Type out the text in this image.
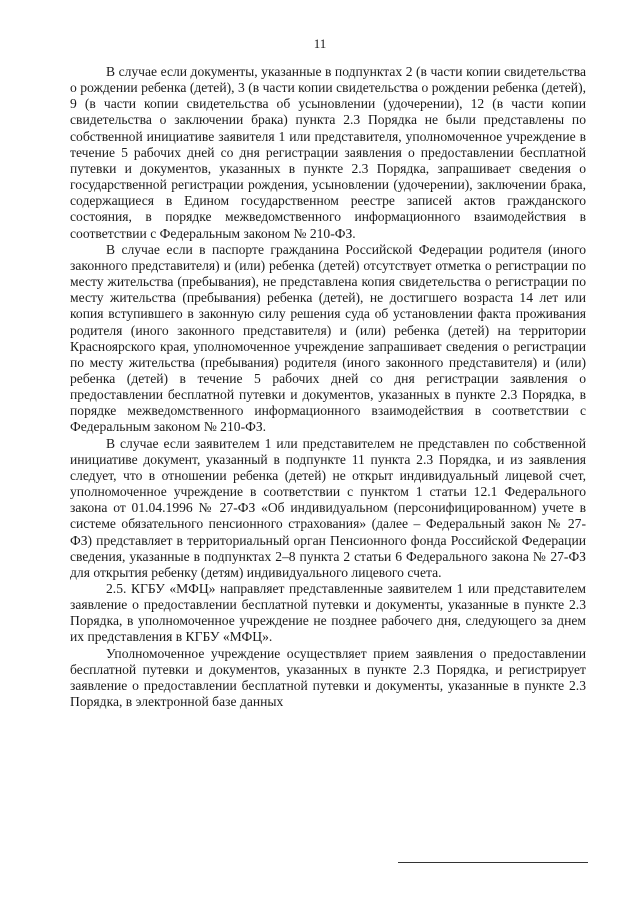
11

В случае если документы, указанные в подпунктах 2 (в части копии свидетельства о рождении ребенка (детей), 3 (в части копии свидетельства о рождении ребенка (детей), 9 (в части копии свидетельства об усыновлении (удочерении), 12 (в части копии свидетельства о заключении брака) пункта 2.3 Порядка не были представлены по собственной инициативе заявителя 1 или представителя, уполномоченное учреждение в течение 5 рабочих дней со дня регистрации заявления о предоставлении бесплатной путевки и документов, указанных в пункте 2.3 Порядка, запрашивает сведения о государственной регистрации рождения, усыновлении (удочерении), заключении брака, содержащиеся в Едином государственном реестре записей актов гражданского состояния, в порядке межведомственного информационного взаимодействия в соответствии с Федеральным законом № 210-ФЗ.

В случае если в паспорте гражданина Российской Федерации родителя (иного законного представителя) и (или) ребенка (детей) отсутствует отметка о регистрации по месту жительства (пребывания), не представлена копия свидетельства о регистрации по месту жительства (пребывания) ребенка (детей), не достигшего возраста 14 лет или копия вступившего в законную силу решения суда об установлении факта проживания родителя (иного законного представителя) и (или) ребенка (детей) на территории Красноярского края, уполномоченное учреждение запрашивает сведения о регистрации по месту жительства (пребывания) родителя (иного законного представителя) и (или) ребенка (детей) в течение 5 рабочих дней со дня регистрации заявления о предоставлении бесплатной путевки и документов, указанных в пункте 2.3 Порядка, в порядке межведомственного информационного взаимодействия в соответствии с Федеральным законом № 210-ФЗ.

В случае если заявителем 1 или представителем не представлен по собственной инициативе документ, указанный в подпункте 11 пункта 2.3 Порядка, и из заявления следует, что в отношении ребенка (детей) не открыт индивидуальный лицевой счет, уполномоченное учреждение в соответствии с пунктом 1 статьи 12.1 Федерального закона от 01.04.1996 № 27-ФЗ «Об индивидуальном (персонифицированном) учете в системе обязательного пенсионного страхования» (далее – Федеральный закон № 27-ФЗ) представляет в территориальный орган Пенсионного фонда Российской Федерации сведения, указанные в подпунктах 2–8 пункта 2 статьи 6 Федерального закона № 27-ФЗ для открытия ребенку (детям) индивидуального лицевого счета.

2.5. КГБУ «МФЦ» направляет представленные заявителем 1 или представителем заявление о предоставлении бесплатной путевки и документы, указанные в пункте 2.3 Порядка, в уполномоченное учреждение не позднее рабочего дня, следующего за днем их представления в КГБУ «МФЦ».

Уполномоченное учреждение осуществляет прием заявления о предоставлении бесплатной путевки и документов, указанных в пункте 2.3 Порядка, и регистрирует заявление о предоставлении бесплатной путевки и документы, указанные в пункте 2.3 Порядка, в электронной базе данных
